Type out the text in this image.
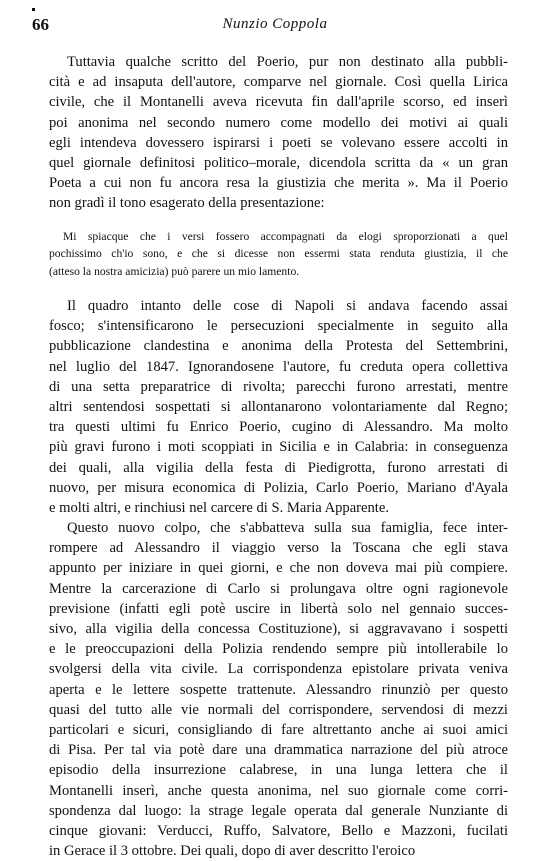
66	Nunzio Coppola
Tuttavia qualche scritto del Poerio, pur non destinato alla pubbli-
cità e ad insaputa dell'autore, comparve nel giornale. Così quella Lirica
civile, che il Montanelli aveva ricevuta fin dall'aprile scorso, ed inserì
poi anonima nel secondo numero come modello dei motivi ai quali
egli intendeva dovessero ispirarsi i poeti se volevano essere accolti in
quel giornale definitosi politico–morale, dicendola scritta da « un gran
Poeta a cui non fu ancora resa la giustizia che merita ». Ma il Poerio
non gradì il tono esagerato della presentazione:
Mi spiacque che i versi fossero accompagnati da elogi sproporzionati a quel
pochissimo ch'io sono, e che si dicesse non essermi stata renduta giustizia, il che
(atteso la nostra amicizia) può parere un mio lamento.
Il quadro intanto delle cose di Napoli si andava facendo assai
fosco; s'intensificarono le persecuzioni specialmente in seguito alla
pubblicazione clandestina e anonima della Protesta del Settembrini,
nel luglio del 1847. Ignorandosene l'autore, fu creduta opera collettiva
di una setta preparatrice di rivolta; parecchi furono arrestati, mentre
altri sentendosi sospettati si allontanarono volontariamente dal Regno;
tra questi ultimi fu Enrico Poerio, cugino di Alessandro. Ma molto
più gravi furono i moti scoppiati in Sicilia e in Calabria: in conseguenza
dei quali, alla vigilia della festa di Piedigrotta, furono arrestati di
nuovo, per misura economica di Polizia, Carlo Poerio, Mariano d'Ayala
e molti altri, e rinchiusi nel carcere di S. Maria Apparente.
Questo nuovo colpo, che s'abbatteva sulla sua famiglia, fece inter-
rompere ad Alessandro il viaggio verso la Toscana che egli stava
appunto per iniziare in quei giorni, e che non doveva mai più compiere.
Mentre la carcerazione di Carlo si prolungava oltre ogni ragionevole
previsione (infatti egli potè uscire in libertà solo nel gennaio succes-
sivo, alla vigilia della concessa Costituzione), si aggravavano i sospetti
e le preoccupazioni della Polizia rendendo sempre più intollerabile lo
svolgersi della vita civile. La corrispondenza epistolare privata veniva
aperta e le lettere sospette trattenute. Alessandro rinunziò per questo
quasi del tutto alle vie normali del corrispondere, servendosi di mezzi
particolari e sicuri, consigliando di fare altrettanto anche ai suoi amici
di Pisa. Per tal via potè dare una drammatica narrazione del più atroce
episodio della insurrezione calabrese, in una lunga lettera che il
Montanelli inserì, anche questa anonima, nel suo giornale come corri-
spondenza dal luogo: la strage legale operata dal generale Nunziante di
cinque giovani: Verducci, Ruffo, Salvatore, Bello e Mazzoni, fucilati
in Gerace il 3 ottobre. Dei quali, dopo di aver descritto l'eroico
